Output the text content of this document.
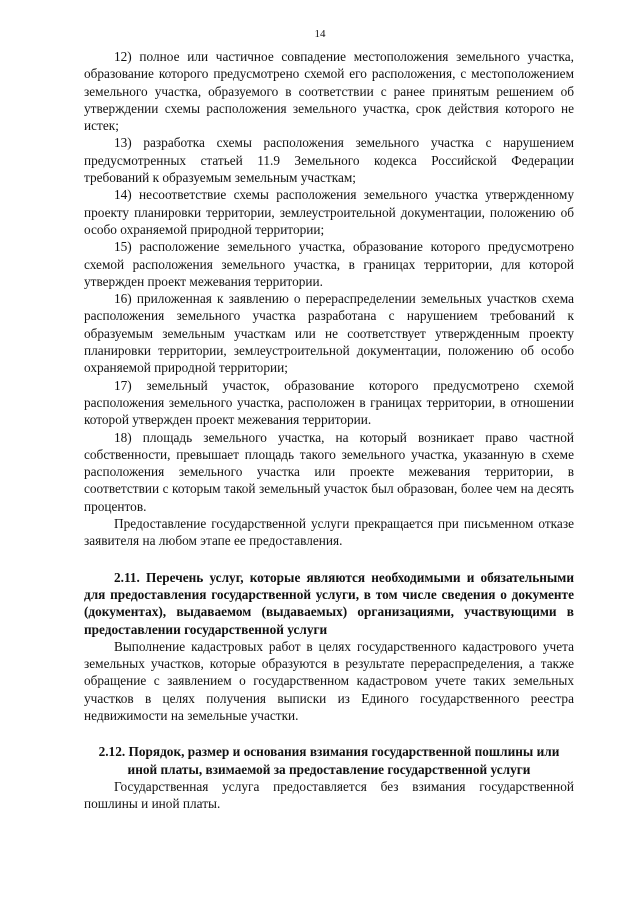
14

12) полное или частичное совпадение местоположения земельного участка, образование которого предусмотрено схемой его расположения, с местоположением земельного участка, образуемого в соответствии с ранее принятым решением об утверждении схемы расположения земельного участка, срок действия которого не истек;

13) разработка схемы расположения земельного участка с нарушением предусмотренных статьей 11.9 Земельного кодекса Российской Федерации требований к образуемым земельным участкам;

14) несоответствие схемы расположения земельного участка утвержденному проекту планировки территории, землеустроительной документации, положению об особо охраняемой природной территории;

15) расположение земельного участка, образование которого предусмотрено схемой расположения земельного участка, в границах территории, для которой утвержден проект межевания территории.

16) приложенная к заявлению о перераспределении земельных участков схема расположения земельного участка разработана с нарушением требований к образуемым земельным участкам или не соответствует утвержденным проекту планировки территории, землеустроительной документации, положению об особо охраняемой природной территории;

17) земельный участок, образование которого предусмотрено схемой расположения земельного участка, расположен в границах территории, в отношении которой утвержден проект межевания территории.

18) площадь земельного участка, на который возникает право частной собственности, превышает площадь такого земельного участка, указанную в схеме расположения земельного участка или проекте межевания территории, в соответствии с которым такой земельный участок был образован, более чем на десять процентов.

Предоставление государственной услуги прекращается при письменном отказе заявителя на любом этапе ее предоставления.

2.11. Перечень услуг, которые являются необходимыми и обязательными для предоставления государственной услуги, в том числе сведения о документе (документах), выдаваемом (выдаваемых) организациями, участвующими в предоставлении государственной услуги

Выполнение кадастровых работ в целях государственного кадастрового учета земельных участков, которые образуются в результате перераспределения, а также обращение с заявлением о государственном кадастровом учете таких земельных участков в целях получения выписки из Единого государственного реестра недвижимости на земельные участки.

2.12. Порядок, размер и основания взимания государственной пошлины или иной платы, взимаемой за предоставление государственной услуги

Государственная услуга предоставляется без взимания государственной пошлины и иной платы.
